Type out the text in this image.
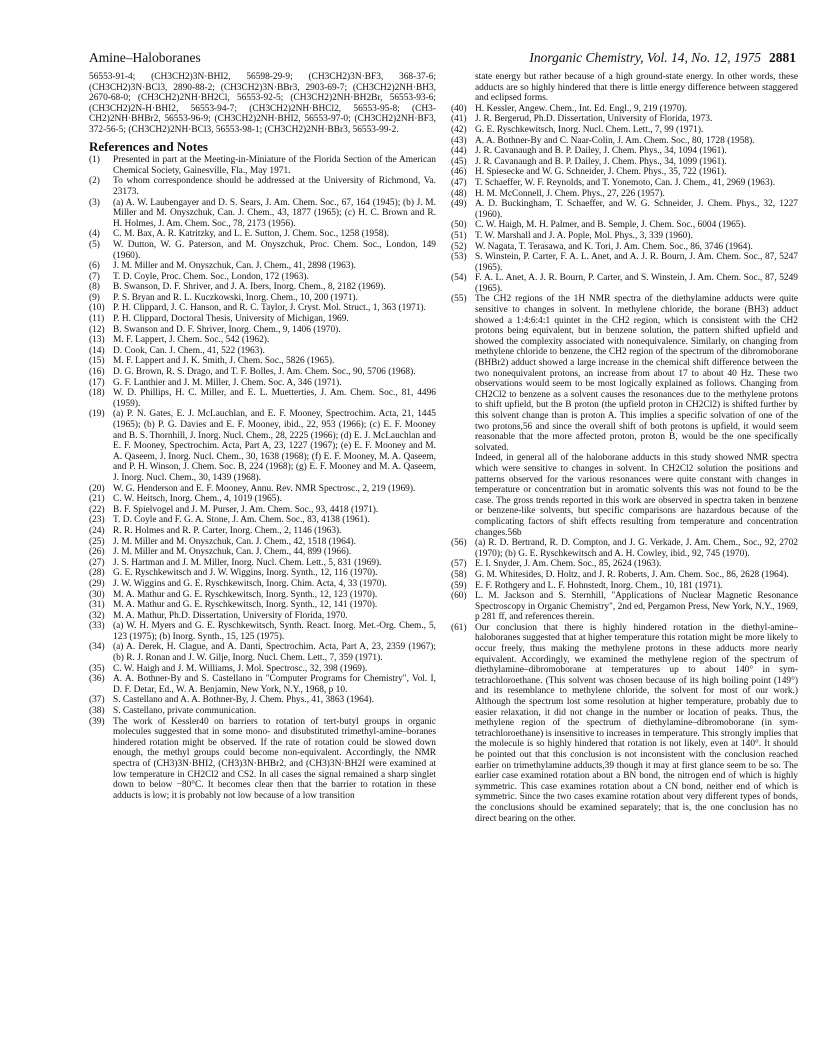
Amine–Haloboranes	Inorganic Chemistry, Vol. 14, No. 12, 1975 2881

56553-91-4; (CH3CH2)3N·BHI2, 56598-29-9; (CH3CH2)3N·BF3, 368-37-6; (CH3CH2)3N·BCl3, 2890-88-2; (CH3CH2)3N·BBr3, 2903-69-7; (CH3CH2)2NH·BH3, 2670-68-0; (CH3CH2)2NH·BH2Cl, 56553-92-5; (CH3CH2)2NH·BH2Br, 56553-93-6; (CH3CH2)2N-H·BHI2, 56553-94-7; (CH3CH2)2NH·BHCl2, 56553-95-8; (CH3-CH2)2NH·BHBr2, 56553-96-9; (CH3CH2)2NH·BHI2, 56553-97-0; (CH3CH2)2NH·BF3, 372-56-5; (CH3CH2)2NH·BCl3, 56553-98-1; (CH3CH2)2NH·BBr3, 56553-99-2.

References and Notes
(1)	Presented in part at the Meeting-in-Miniature of the Florida Section of the American Chemical Society, Gainesville, Fla., May 1971.
(2)	To whom correspondence should be addressed at the University of Richmond, Va. 23173.
(3)	(a) A. W. Laubengayer and D. S. Sears, J. Am. Chem. Soc., 67, 164 (1945); (b) J. M. Miller and M. Onyszchuk, Can. J. Chem., 43, 1877 (1965); (c) H. C. Brown and R. H. Holmes, J. Am. Chem. Soc., 78, 2173 (1956).
(4)	C. M. Bax, A. R. Katritzky, and L. E. Sutton, J. Chem. Soc., 1258 (1958).
(5)	W. Dutton, W. G. Paterson, and M. Onyszchuk, Proc. Chem. Soc., London, 149 (1960).
(6)	J. M. Miller and M. Onyszchuk, Can. J. Chem., 41, 2898 (1963).
(7)	T. D. Coyle, Proc. Chem. Soc., London, 172 (1963).
(8)	B. Swanson, D. F. Shriver, and J. A. Ibers, Inorg. Chem., 8, 2182 (1969).
(9)	P. S. Bryan and R. L. Kuczkowski, Inorg. Chem., 10, 200 (1971).
(10) P. H. Clippard, J. C. Hanson, and R. C. Taylor, J. Cryst. Mol. Struct., 1, 363 (1971).
(11) P. H. Clippard, Doctoral Thesis, University of Michigan, 1969.
(12) B. Swanson and D. F. Shriver, Inorg. Chem., 9, 1406 (1970).
(13) M. F. Lappert, J. Chem. Soc., 542 (1962).
(14) D. Cook, Can. J. Chem., 41, 522 (1963).
(15) M. F. Lappert and J. K. Smith, J. Chem. Soc., 5826 (1965).
(16) D. G. Brown, R. S. Drago, and T. F. Bolles, J. Am. Chem. Soc., 90, 5706 (1968).
(17) G. F. Lanthier and J. M. Miller, J. Chem. Soc. A, 346 (1971).
(18) W. D. Phillips, H. C. Miller, and E. L. Muetterties, J. Am. Chem. Soc., 81, 4496 (1959).
(19) (a) P. N. Gates, E. J. McLauchlan, and E. F. Mooney, Spectrochim. Acta, 21, 1445 (1965); (b) P. G. Davies and E. F. Mooney, ibid., 22, 953 (1966); (c) E. F. Mooney and B. S. Thornhill, J. Inorg. Nucl. Chem., 28, 2225 (1966); (d) E. J. McLauchlan and E. F. Mooney, Spectrochim. Acta, Part A, 23, 1227 (1967); (e) E. F. Mooney and M. A. Qaseem, J. Inorg. Nucl. Chem., 30, 1638 (1968); (f) E. F. Mooney, M. A. Qaseem, and P. H. Winson, J. Chem. Soc. B, 224 (1968); (g) E. F. Mooney and M. A. Qaseem, J. Inorg. Nucl. Chem., 30, 1439 (1968).
(20) W. G. Henderson and E. F. Mooney, Annu. Rev. NMR Spectrosc., 2, 219 (1969).
(21) C. W. Heitsch, Inorg. Chem., 4, 1019 (1965).
(22) B. F. Spielvogel and J. M. Purser, J. Am. Chem. Soc., 93, 4418 (1971).
(23) T. D. Coyle and F. G. A. Stone, J. Am. Chem. Soc., 83, 4138 (1961).
(24) R. R. Holmes and R. P. Carter, Inorg. Chem., 2, 1146 (1963).
(25) J. M. Miller and M. Onyszchuk, Can. J. Chem., 42, 1518 (1964).
(26) J. M. Miller and M. Onyszchuk, Can. J. Chem., 44, 899 (1966).
(27) J. S. Hartman and J. M. Miller, Inorg. Nucl. Chem. Lett., 5, 831 (1969).
(28) G. E. Ryschkewitsch and J. W. Wiggins, Inorg. Synth., 12, 116 (1970).
(29) J. W. Wiggins and G. E. Ryschkewitsch, Inorg. Chim. Acta, 4, 33 (1970).
(30) M. A. Mathur and G. E. Ryschkewitsch, Inorg. Synth., 12, 123 (1970).
(31) M. A. Mathur and G. E. Ryschkewitsch, Inorg. Synth., 12, 141 (1970).
(32) M. A. Mathur, Ph.D. Dissertation, University of Florida, 1970.
(33) (a) W. H. Myers and G. E. Ryschkewitsch, Synth. React. Inorg. Met.-Org. Chem., 5, 123 (1975); (b) Inorg. Synth., 15, 125 (1975).
(34) (a) A. Derek, H. Clague, and A. Danti, Spectrochim. Acta, Part A, 23, 2359 (1967); (b) R. J. Ronan and J. W. Gilje, Inorg. Nucl. Chem. Lett., 7, 359 (1971).
(35) C. W. Haigh and J. M. Williams, J. Mol. Spectrosc., 32, 398 (1969).
(36) A. A. Bothner-By and S. Castellano in "Computer Programs for Chemistry", Vol. I, D. F. Detar, Ed., W. A. Benjamin, New York, N.Y., 1968, p 10.
(37) S. Castellano and A. A. Bothner-By, J. Chem. Phys., 41, 3863 (1964).
(38) S. Castellano, private communication.
(39) The work of Kessler40 on barriers to rotation of tert-butyl groups in organic molecules suggested that in some mono- and disubstituted trimethyl-amine–boranes hindered rotation might be observed. If the rate of rotation could be slowed down enough, the methyl groups could become non-equivalent. Accordingly, the NMR spectra of (CH3)3N·BHI2, (CH3)3N·BHBr2, and (CH3)3N·BH2I were examined at low temperature in CH2Cl2 and CS2. In all cases the signal remained a sharp singlet down to below −80°C. It becomes clear then that the barrier to rotation in these adducts is low; it is probably not low because of a low transition

state energy but rather because of a high ground-state energy. In other words, these adducts are so highly hindered that there is little energy difference between staggered and eclipsed forms.

(40) H. Kessler, Angew. Chem., Int. Ed. Engl., 9, 219 (1970).
(41) J. R. Bergerud, Ph.D. Dissertation, University of Florida, 1973.
(42) G. E. Ryschkewitsch, Inorg. Nucl. Chem. Lett., 7, 99 (1971).
(43) A. A. Bothner-By and C. Naar-Colin, J. Am. Chem. Soc., 80, 1728 (1958).
(44) J. R. Cavanaugh and B. P. Dailey, J. Chem. Phys., 34, 1094 (1961).
(45) J. R. Cavanaugh and B. P. Dailey, J. Chem. Phys., 34, 1099 (1961).
(46) H. Spiesecke and W. G. Schneider, J. Chem. Phys., 35, 722 (1961).
(47) T. Schaeffer, W. F. Reynolds, and T. Yonemoto, Can. J. Chem., 41, 2969 (1963).
(48) H. M. McConnell, J. Chem. Phys., 27, 226 (1957).
(49) A. D. Buckingham, T. Schaeffer, and W. G. Schneider, J. Chem. Phys., 32, 1227 (1960).
(50) C. W. Haigh, M. H. Palmer, and B. Semple, J. Chem. Soc., 6004 (1965).
(51) T. W. Marshall and J. A. Pople, Mol. Phys., 3, 339 (1960).
(52) W. Nagata, T. Terasawa, and K. Tori, J. Am. Chem. Soc., 86, 3746 (1964).
(53) S. Winstein, P. Carter, F. A. L. Anet, and A. J. R. Bourn, J. Am. Chem. Soc., 87, 5247 (1965).
(54) F. A. L. Anet, A. J. R. Bourn, P. Carter, and S. Winstein, J. Am. Chem. Soc., 87, 5249 (1965).
(55) The CH2 regions of the 1H NMR spectra of the diethylamine adducts were quite sensitive to changes in solvent. In methylene chloride, the borane (BH3) adduct showed a 1:4:6:4:1 quintet in the CH2 region, which is consistent with the CH2 protons being equivalent, but in benzene solution, the pattern shifted upfield and showed the complexity associated with nonequivalence. Similarly, on changing from methylene chloride to benzene, the CH2 region of the spectrum of the dibromoborane (BHBr2) adduct showed a large increase in the chemical shift difference between the two nonequivalent protons, an increase from about 17 to about 40 Hz. These two observations would seem to be most logically explained as follows. Changing from CH2Cl2 to benzene as a solvent causes the resonances due to the methylene protons to shift upfield, but the B proton (the upfield proton in CH2Cl2) is shifted further by this solvent change than is proton A. This implies a specific solvation of one of the two protons,56 and since the overall shift of both protons is upfield, it would seem reasonable that the more affected proton, proton B, would be the one specifically solvated.

Indeed, in general all of the haloborane adducts in this study showed NMR spectra which were sensitive to changes in solvent. In CH2Cl2 solution the positions and patterns observed for the various resonances were quite constant with changes in temperature or concentration but in aromatic solvents this was not found to be the case. The gross trends reported in this work are observed in spectra taken in benzene or benzene-like solvents, but specific comparisons are hazardous because of the complicating factors of shift effects resulting from temperature and concentration changes.56b

(56) (a) R. D. Bertrand, R. D. Compton, and J. G. Verkade, J. Am. Chem., Soc., 92, 2702 (1970); (b) G. E. Ryschkewitsch and A. H. Cowley, ibid., 92, 745 (1970).
(57) E. I. Snyder, J. Am. Chem. Soc., 85, 2624 (1963).
(58) G. M. Whitesides, D. Holtz, and J. R. Roberts, J. Am. Chem. Soc., 86, 2628 (1964).
(59) E. F. Rothgery and L. F. Hohnstedt, Inorg. Chem., 10, 181 (1971).
(60) L. M. Jackson and S. Sternhill, "Applications of Nuclear Magnetic Resonance Spectroscopy in Organic Chemistry", 2nd ed, Pergamon Press, New York, N.Y., 1969, p 281 ff, and references therein.
(61) Our conclusion that there is highly hindered rotation in the diethyl-amine–haloboranes suggested that at higher temperature this rotation might be more likely to occur freely, thus making the methylene protons in these adducts more nearly equivalent. Accordingly, we examined the methylene region of the spectrum of diethylamine–dibromoborane at temperatures up to about 140° in sym-tetrachloroethane. (This solvent was chosen because of its high boiling point (149°) and its resemblance to methylene chloride, the solvent for most of our work.) Although the spectrum lost some resolution at higher temperature, probably due to easier relaxation, it did not change in the number or location of peaks. Thus, the methylene region of the spectrum of diethylamine–dibromoborane (in sym-tetrachloroethane) is insensitive to increases in temperature. This strongly implies that the molecule is so highly hindered that rotation is not likely, even at 140°. It should be pointed out that this conclusion is not inconsistent with the conclusion reached earlier on trimethylamine adducts,39 though it may at first glance seem to be so. The earlier case examined rotation about a BN bond, the nitrogen end of which is highly symmetric. This case examines rotation about a CN bond, neither end of which is symmetric. Since the two cases examine rotation about very different types of bonds, the conclusions should be examined separately; that is, the one conclusion has no direct bearing on the other.
